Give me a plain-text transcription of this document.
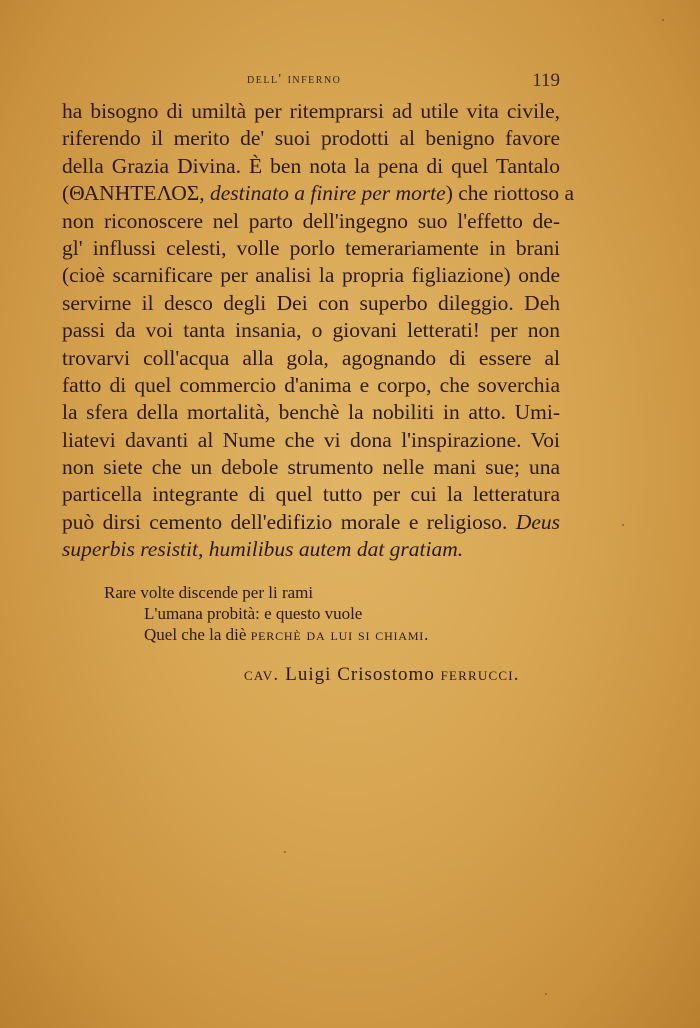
dell' inferno	119
ha bisogno di umiltà per ritemprarsi ad utile vita civile,
riferendo il merito de' suoi prodotti al benigno favore
della Grazia Divina. È ben nota la pena di quel Tantalo
(ΘΑΝΗΤΕΛΟΣ, destinato a finire per morte) che riottoso a
non riconoscere nel parto dell'ingegno suo l'effetto de-
gl' influssi celesti, volle porlo temerariamente in brani
(cioè scarnificare per analisi la propria figliazione) onde
servirne il desco degli Dei con superbo dileggio. Deh
passi da voi tanta insania, o giovani letterati! per non
trovarvi coll'acqua alla gola, agognando di essere al
fatto di quel commercio d'anima e corpo, che soverchia
la sfera della mortalità, benchè la nobiliti in atto. Umi-
liatevi davanti al Nume che vi dona l'inspirazione. Voi
non siete che un debole strumento nelle mani sue; una
particella integrante di quel tutto per cui la letteratura
può dirsi cemento dell'edifizio morale e religioso. Deus
superbis resistit, humilibus autem dat gratiam.
Rare volte discende per li rami
L'umana probità: e questo vuole
Quel che la diè perchè da lui si chiami.
cav. Luigi Crisostomo ferrucci.
